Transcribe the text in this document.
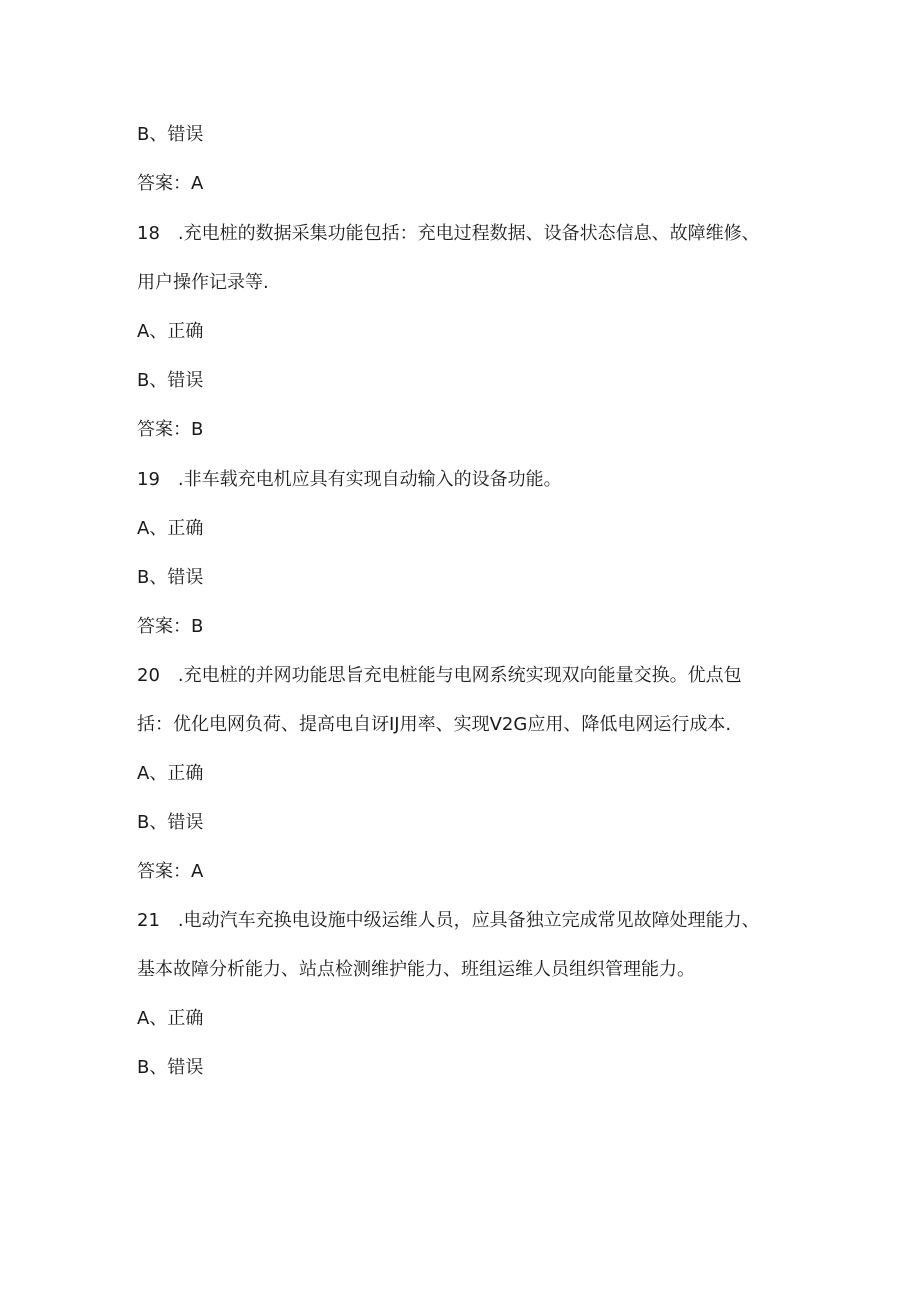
B、错误
答案：A
18　.充电桩的数据采集功能包括：充电过程数据、设备状态信息、故障维修、
用户操作记录等.
A、正确
B、错误
答案：B
19　.非车载充电机应具有实现自动输入的设备功能。
A、正确
B、错误
答案：B
20　.充电桩的并网功能思旨充电桩能与电网系统实现双向能量交换。优点包
括：优化电网负荷、提高电自讶IJ用率、实现V2G应用、降低电网运行成本.
A、正确
B、错误
答案：A
21　.电动汽车充换电设施中级运维人员，应具备独立完成常见故障处理能力、
基本故障分析能力、站点检测维护能力、班组运维人员组织管理能力。
A、正确
B、错误
